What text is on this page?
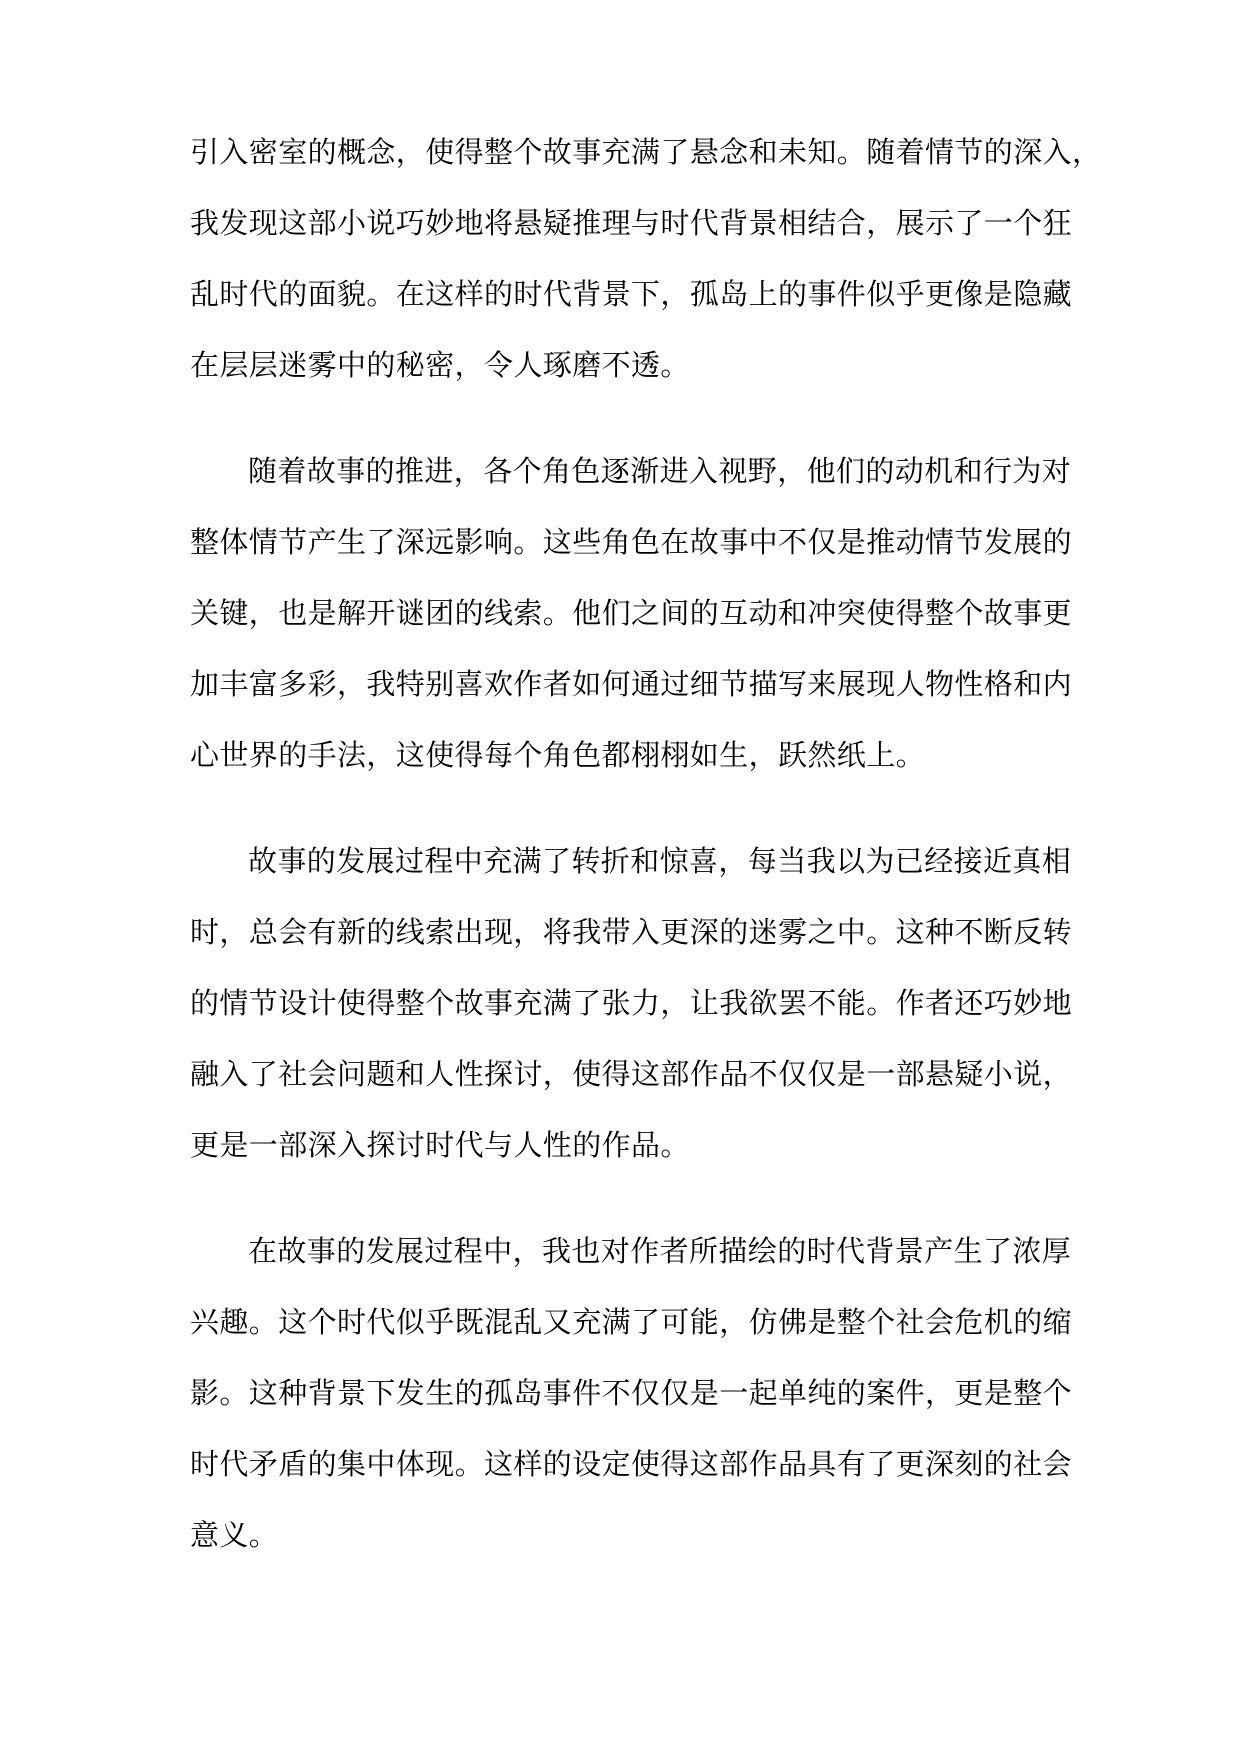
引入密室的概念，使得整个故事充满了悬念和未知。随着情节的深入，
我发现这部小说巧妙地将悬疑推理与时代背景相结合，展示了一个狂
乱时代的面貌。在这样的时代背景下，孤岛上的事件似乎更像是隐藏
在层层迷雾中的秘密，令人琢磨不透。
随着故事的推进，各个角色逐渐进入视野，他们的动机和行为对
整体情节产生了深远影响。这些角色在故事中不仅是推动情节发展的
关键，也是解开谜团的线索。他们之间的互动和冲突使得整个故事更
加丰富多彩，我特别喜欢作者如何通过细节描写来展现人物性格和内
心世界的手法，这使得每个角色都栩栩如生，跃然纸上。
故事的发展过程中充满了转折和惊喜，每当我以为已经接近真相
时，总会有新的线索出现，将我带入更深的迷雾之中。这种不断反转
的情节设计使得整个故事充满了张力，让我欲罢不能。作者还巧妙地
融入了社会问题和人性探讨，使得这部作品不仅仅是一部悬疑小说，
更是一部深入探讨时代与人性的作品。
在故事的发展过程中，我也对作者所描绘的时代背景产生了浓厚
兴趣。这个时代似乎既混乱又充满了可能，仿佛是整个社会危机的缩
影。这种背景下发生的孤岛事件不仅仅是一起单纯的案件，更是整个
时代矛盾的集中体现。这样的设定使得这部作品具有了更深刻的社会
意义。
